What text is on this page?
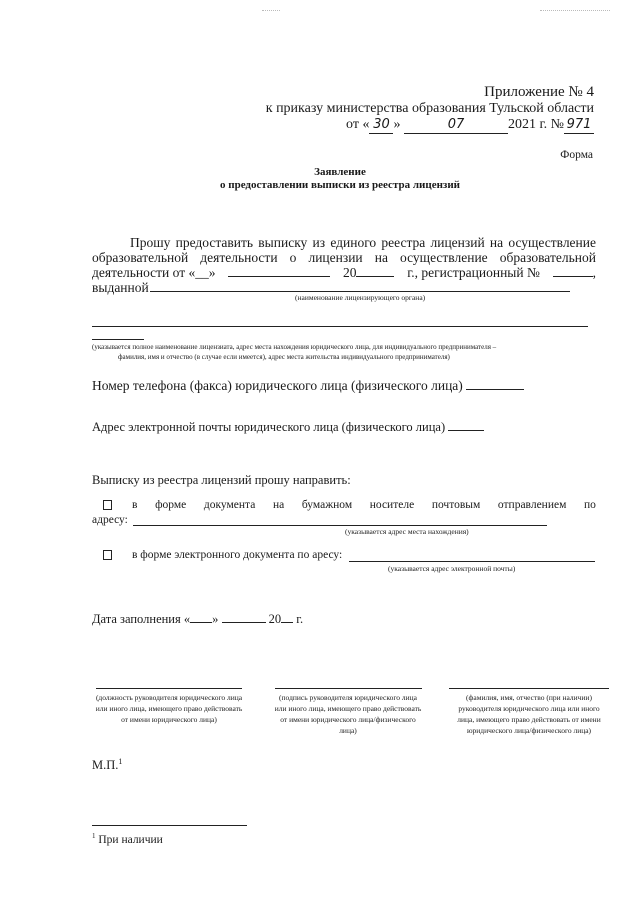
Приложение № 4
к приказу министерства образования Тульской области
от « 30 »	07	2021 г. № 971
Форма
Заявление
о предоставлении выписки из реестра лицензий
Прошу предоставить выписку из единого реестра лицензий на осуществление
образовательной деятельности о лицензии на осуществление образовательной
деятельности от «__»	20	г., регистрационный №	,
выданной
(наименование лицензирующего органа)
(указывается полное наименование лицензиата, адрес места нахождения юридического лица, для индивидуального предпринимателя –
фамилия, имя и отчество (в случае если имеется), адрес места жительства индивидуального предпринимателя)
Номер телефона (факса) юридического лица (физического лица)
Адрес электронной почты юридического лица (физического лица)
Выписку из реестра лицензий прошу направить:
в форме документа на бумажном носителе почтовым отправлением по
адресу:
(указывается адрес места нахождения)
в форме электронного документа по аресу:
(указывается адрес электронной почты)
Дата заполнения « »	20 г.
(должность руководителя юридического лица или иного лица, имеющего право действовать от имени юридического лица)
(подпись руководителя юридического лица или иного лица, имеющего право действовать от имени юридического лица/физического лица)
(фамилия, имя, отчество (при наличии) руководителя юридического лица или иного лица, имеющего право действовать от имени юридического лица/физического лица)
М.П.$^1$
$^1$ При наличии
